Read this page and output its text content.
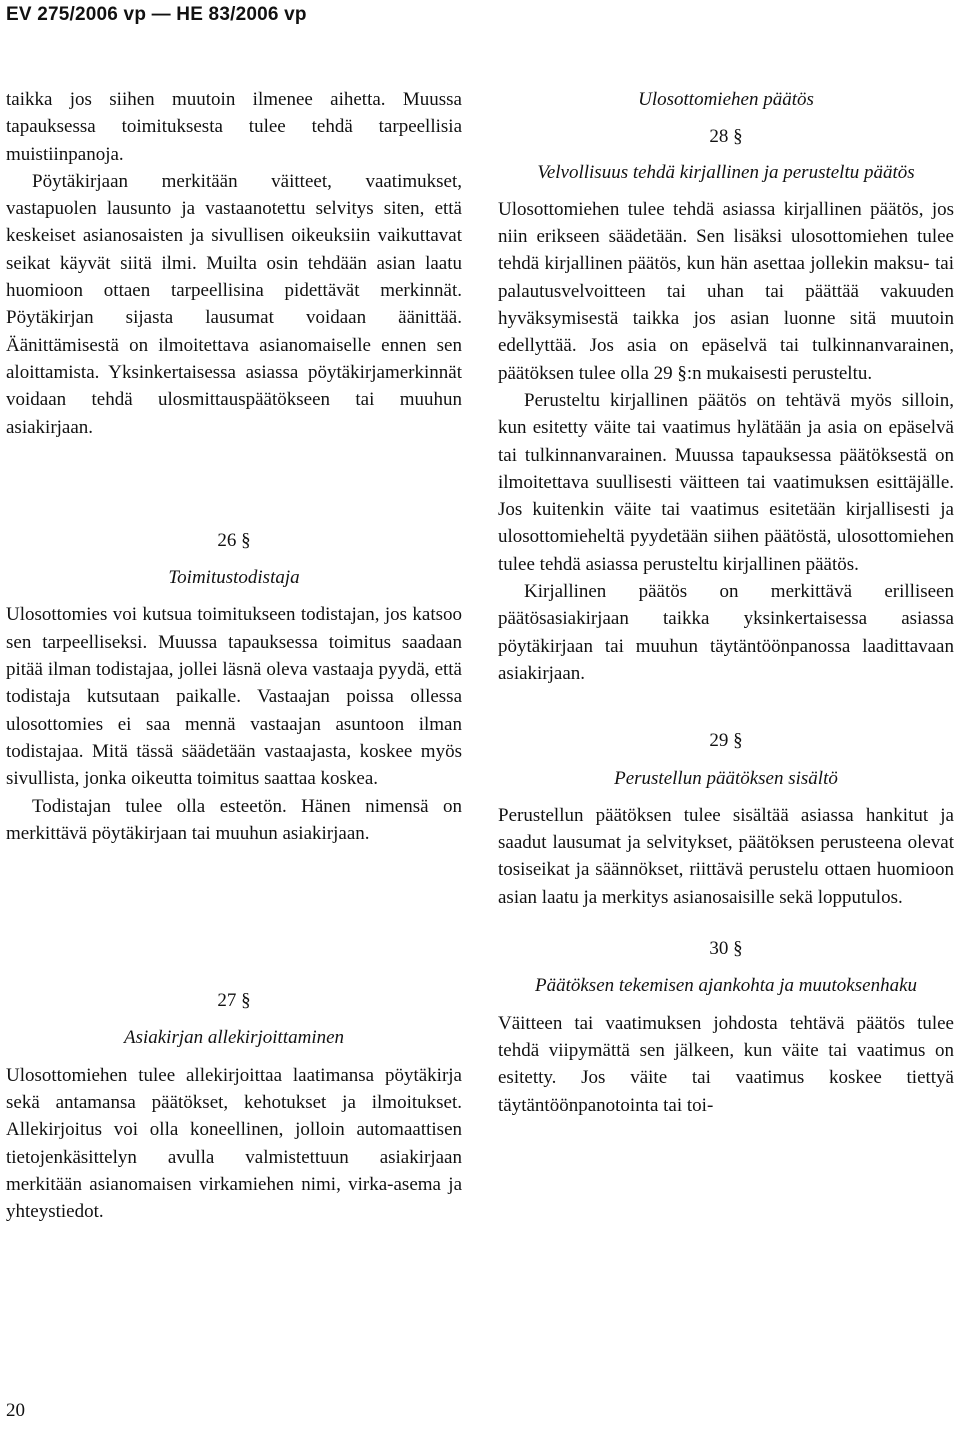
EV 275/2006 vp — HE 83/2006 vp

taikka jos siihen muutoin ilmenee aihetta. Muussa tapauksessa toimituksesta tulee tehdä tarpeellisia muistiinpanoja.

Pöytäkirjaan merkitään väitteet, vaatimukset, vastapuolen lausunto ja vastaanotettu selvitys siten, että keskeiset asianosaisten ja sivullisen oikeuksiin vaikuttavat seikat käyvät siitä ilmi. Muilta osin tehdään asian laatu huomioon ottaen tarpeellisina pidettävät merkinnät. Pöytäkirjan sijasta lausumat voidaan äänittää. Äänittämisestä on ilmoitettava asianomaiselle ennen sen aloittamista. Yksinkertaisessa asiassa pöytäkirjamerkinnät voidaan tehdä ulosmittauspäätökseen tai muuhun asiakirjaan.

26 §

Toimitustodistaja

Ulosottomies voi kutsua toimitukseen todistajan, jos katsoo sen tarpeelliseksi. Muussa tapauksessa toimitus saadaan pitää ilman todistajaa, jollei läsnä oleva vastaaja pyydä, että todistaja kutsutaan paikalle. Vastaajan poissa ollessa ulosottomies ei saa mennä vastaajan asuntoon ilman todistajaa. Mitä tässä säädetään vastaajasta, koskee myös sivullista, jonka oikeutta toimitus saattaa koskea.

Todistajan tulee olla esteetön. Hänen nimensä on merkittävä pöytäkirjaan tai muuhun asiakirjaan.

27 §

Asiakirjan allekirjoittaminen

Ulosottomiehen tulee allekirjoittaa laatimansa pöytäkirja sekä antamansa päätökset, kehotukset ja ilmoitukset. Allekirjoitus voi olla koneellinen, jolloin automaattisen tietojenkäsittelyn avulla valmistettuun asiakirjaan merkitään asianomaisen virkamiehen nimi, virka-asema ja yhteystiedot.

Ulosottomiehen päätös

28 §

Velvollisuus tehdä kirjallinen ja perusteltu päätös

Ulosottomiehen tulee tehdä asiassa kirjallinen päätös, jos niin erikseen säädetään. Sen lisäksi ulosottomiehen tulee tehdä kirjallinen päätös, kun hän asettaa jollekin maksu- tai palautusvelvoitteen tai uhan tai päättää vakuuden hyväksymisestä taikka jos asian luonne sitä muutoin edellyttää. Jos asia on epäselvä tai tulkinnanvarainen, päätöksen tulee olla 29 §:n mukaisesti perusteltu.

Perusteltu kirjallinen päätös on tehtävä myös silloin, kun esitetty väite tai vaatimus hylätään ja asia on epäselvä tai tulkinnanvarainen. Muussa tapauksessa päätöksestä on ilmoitettava suullisesti väitteen tai vaatimuksen esittäjälle. Jos kuitenkin väite tai vaatimus esitetään kirjallisesti ja ulosottomieheltä pyydetään siihen päätöstä, ulosottomiehen tulee tehdä asiassa perusteltu kirjallinen päätös.

Kirjallinen päätös on merkittävä erilliseen päätösasiakirjaan taikka yksinkertaisessa asiassa pöytäkirjaan tai muuhun täytäntöönpanossa laadittavaan asiakirjaan.

29 §

Perustellun päätöksen sisältö

Perustellun päätöksen tulee sisältää asiassa hankitut ja saadut lausumat ja selvitykset, päätöksen perusteena olevat tosiseikat ja säännökset, riittävä perustelu ottaen huomioon asian laatu ja merkitys asianosaisille sekä lopputulos.

30 §

Päätöksen tekemisen ajankohta ja muutoksenhaku

Väitteen tai vaatimuksen johdosta tehtävä päätös tulee tehdä viipymättä sen jälkeen, kun väite tai vaatimus on esitetty. Jos väite tai vaatimus koskee tiettyä täytäntöönpanotointa tai toi-

20
